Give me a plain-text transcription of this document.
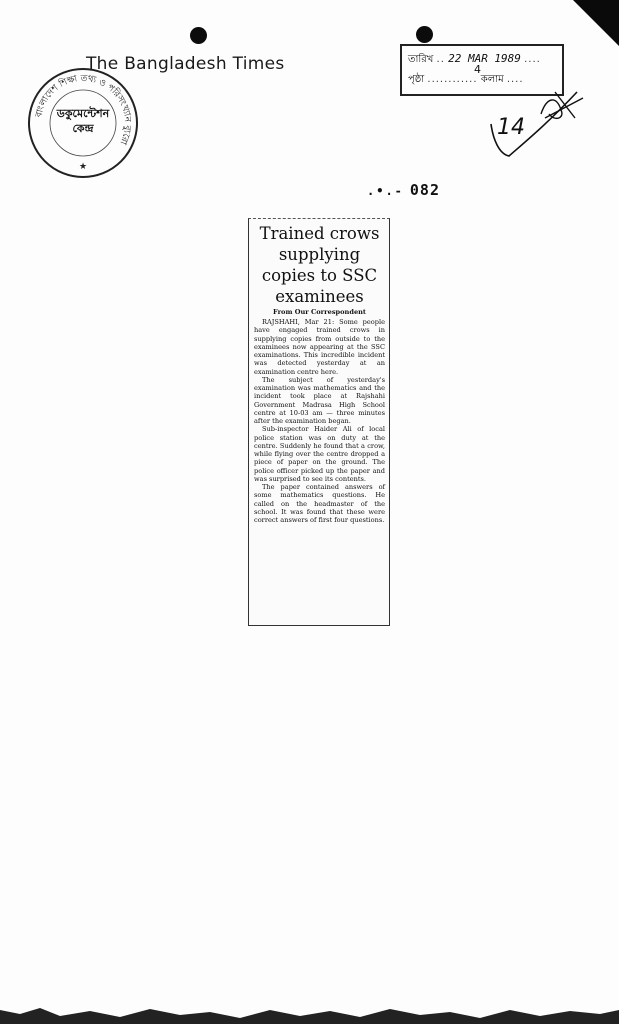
The Bangladesh Times
বাংলাদেশ শিক্ষা তথ্য ও পরিসংখ্যান ব্যুরো
★
ডকুমেন্টেশন
কেন্দ্র
তারিখ .. 22 MAR 1989 ....
পৃষ্ঠা ............
4
কলাম ....
14
.•.- 082
Trained crows
supplying
copies to SSC
examinees
From Our Correspondent

RAJSHAHI, Mar 21: Some people have engaged trained crows in supplying copies from outside to the examinees now appearing at the SSC examinations. This incredible incident was detected yesterday at an examination centre here.

The subject of yesterday's examination was mathematics and the incident took place at Rajshahi Government Madrasa High School centre at 10-03 am — three minutes after the examination began.

Sub-inspector Haider Ali of local police station was on duty at the centre. Suddenly he found that a crow, while flying over the centre dropped a piece of paper on the ground. The police officer picked up the paper and was surprised to see its contents.

The paper contained answers of some mathematics questions. He called on the headmaster of the school. It was found that these were correct answers of first four questions.
